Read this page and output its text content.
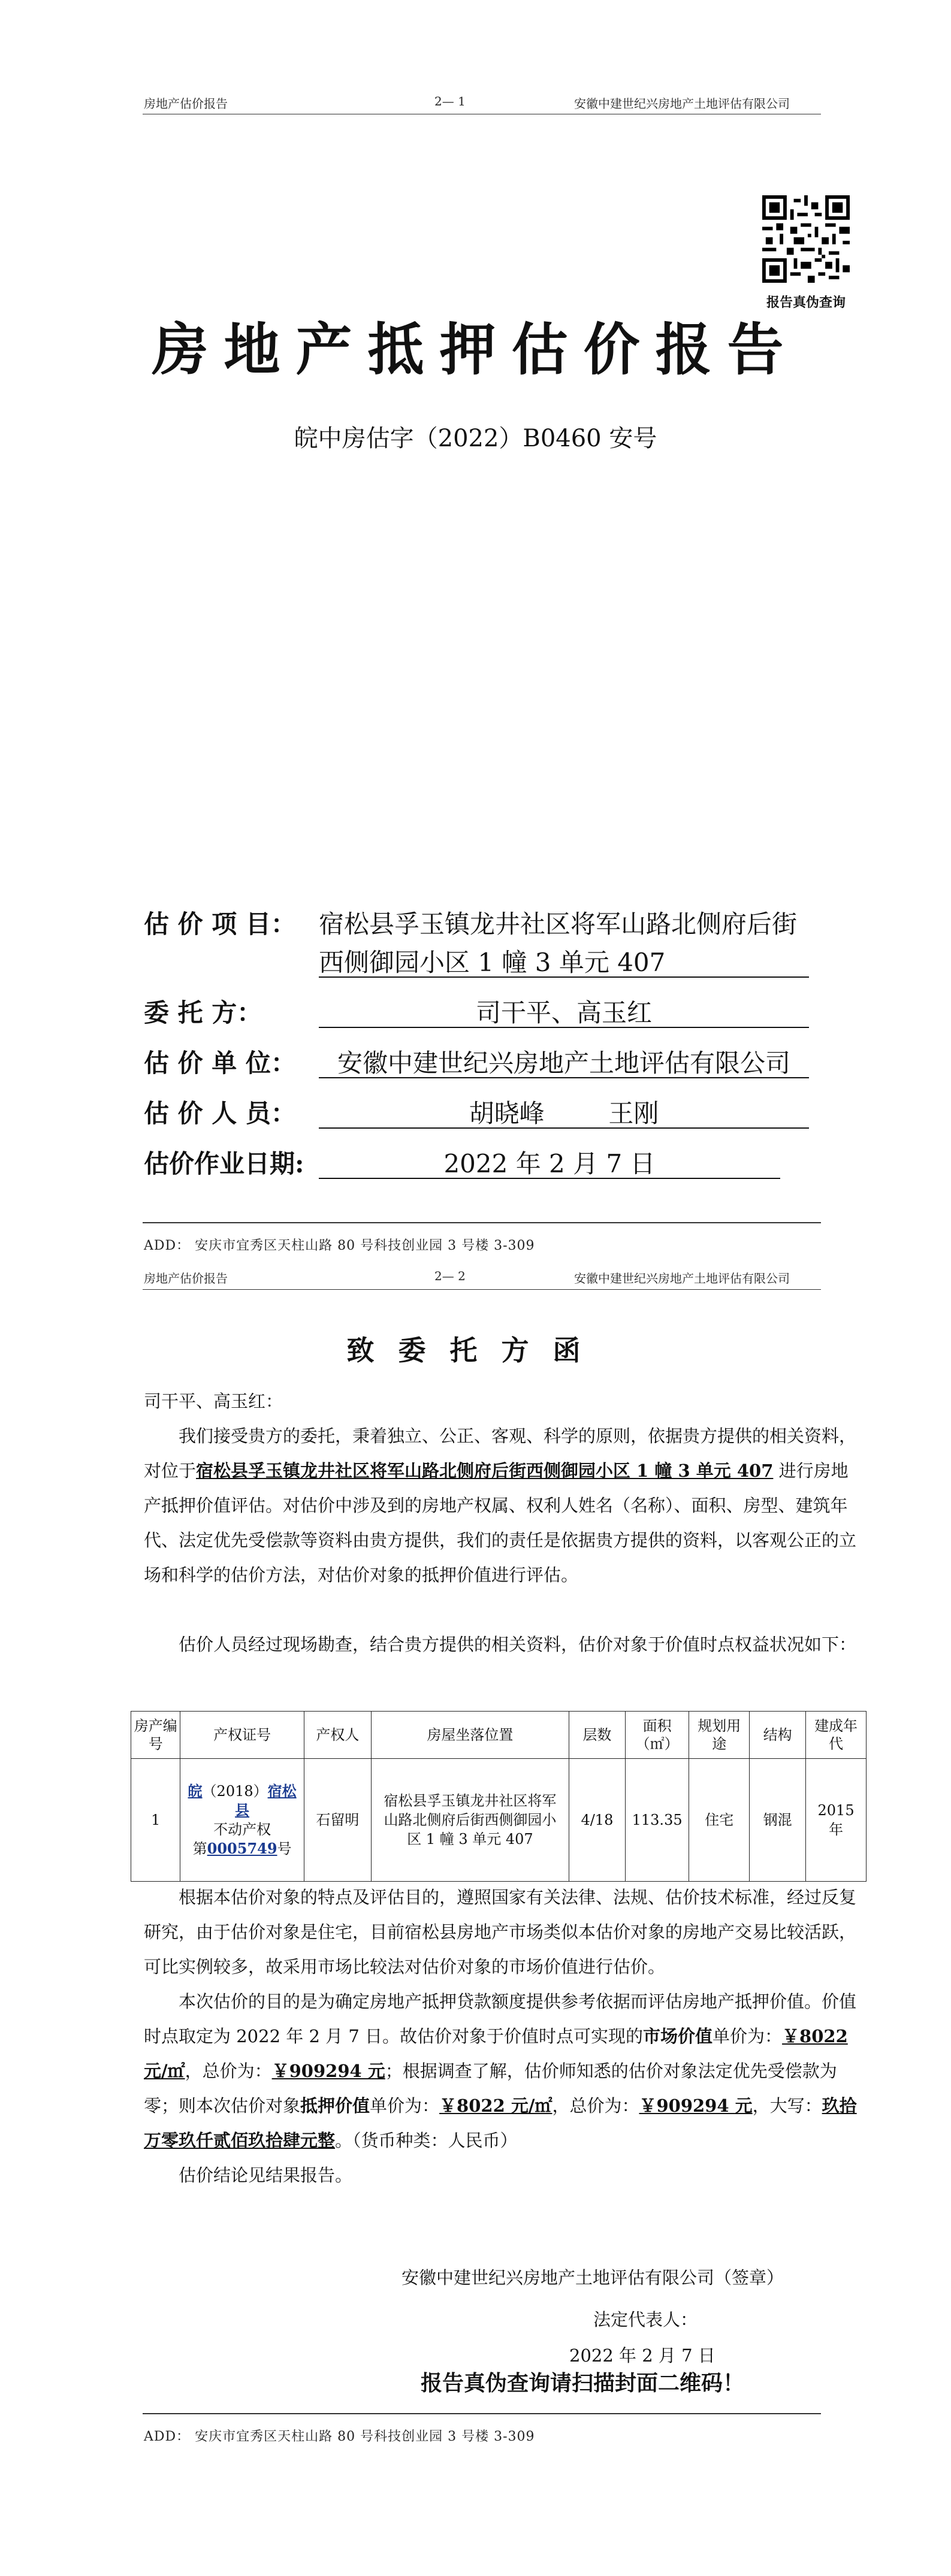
房地产估价报告	2— 1	安徽中建世纪兴房地产土地评估有限公司
报告真伪查询
房地产抵押估价报告
皖中房估字（2022）B0460 安号
估 价 项 目： 宿松县孚玉镇龙井社区将军山路北侧府后街
西侧御园小区 1 幢 3 单元 407
委 托 方：	司干平、高玉红
估 价 单 位：	安徽中建世纪兴房地产土地评估有限公司
估 价 人 员：	胡晓峰        王刚
估价作业日期:	2022 年 2 月 7 日
ADD： 安庆市宜秀区天柱山路 80 号科技创业园 3 号楼 3-309
房地产估价报告	2— 2	安徽中建世纪兴房地产土地评估有限公司
致委托方函
司干平、高玉红：
我们接受贵方的委托，秉着独立、公正、客观、科学的原则，依据贵方提供的相关资料，对位于宿松县孚玉镇龙井社区将军山路北侧府后街西侧御园小区 1 幢 3 单元 407 进行房地产抵押价值评估。对估价中涉及到的房地产权属、权利人姓名（名称）、面积、房型、建筑年代、法定优先受偿款等资料由贵方提供，我们的责任是依据贵方提供的资料，以客观公正的立场和科学的估价方法，对估价对象的抵押价值进行评估。
估价人员经过现场勘查，结合贵方提供的相关资料，估价对象于价值时点权益状况如下：
房产编号	产权证号	产权人	房屋坐落位置	层数	面积（㎡）	规划用途	结构	建成年代
1	皖（2018）宿松县
不动产权
第0005749号	石留明	宿松县孚玉镇龙井社区将军山路北侧府后街西侧御园小区 1 幢 3 单元 407	4/18	113.35	住宅	钢混	2015 年
根据本估价对象的特点及评估目的，遵照国家有关法律、法规、估价技术标准，经过反复研究，由于估价对象是住宅，目前宿松县房地产市场类似本估价对象的房地产交易比较活跃，可比实例较多，故采用市场比较法对估价对象的市场价值进行估价。
本次估价的目的是为确定房地产抵押贷款额度提供参考依据而评估房地产抵押价值。价值时点取定为 2022 年 2 月 7 日。故估价对象于价值时点可实现的市场价值单价为：￥8022 元/㎡，总价为：￥909294 元；根据调查了解，估价师知悉的估价对象法定优先受偿款为零；则本次估价对象抵押价值单价为：￥8022 元/㎡，总价为：￥909294 元，大写：玖拾万零玖仟贰佰玖拾肆元整。（货币种类：人民币）
估价结论见结果报告。
安徽中建世纪兴房地产土地评估有限公司（签章）
法定代表人：
2022 年 2 月 7 日
报告真伪查询请扫描封面二维码！
ADD： 安庆市宜秀区天柱山路 80 号科技创业园 3 号楼 3-309
